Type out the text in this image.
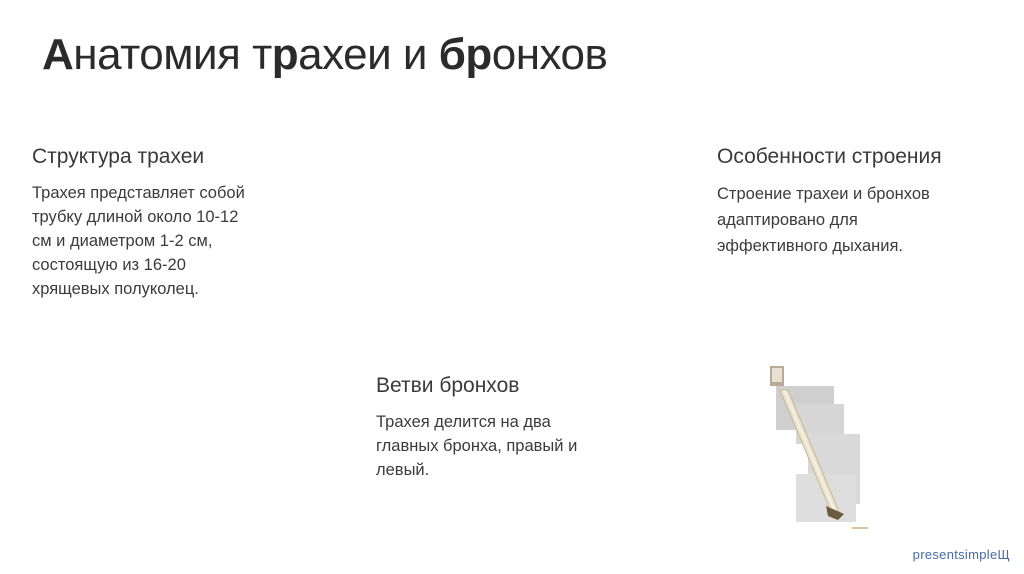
Анатомия трахеи и бронхов
Структура трахеи
Трахея представляет собой
трубку длиной около 10-12
см и диаметром 1-2 см,
состоящую из 16-20
хрящевых полуколец.
Особенности строения
Строение трахеи и бронхов
адаптировано для
эффективного дыхания.
Ветви бронхов
Трахея делится на два
главных бронха, правый и
левый.
presentsimpleЩ
